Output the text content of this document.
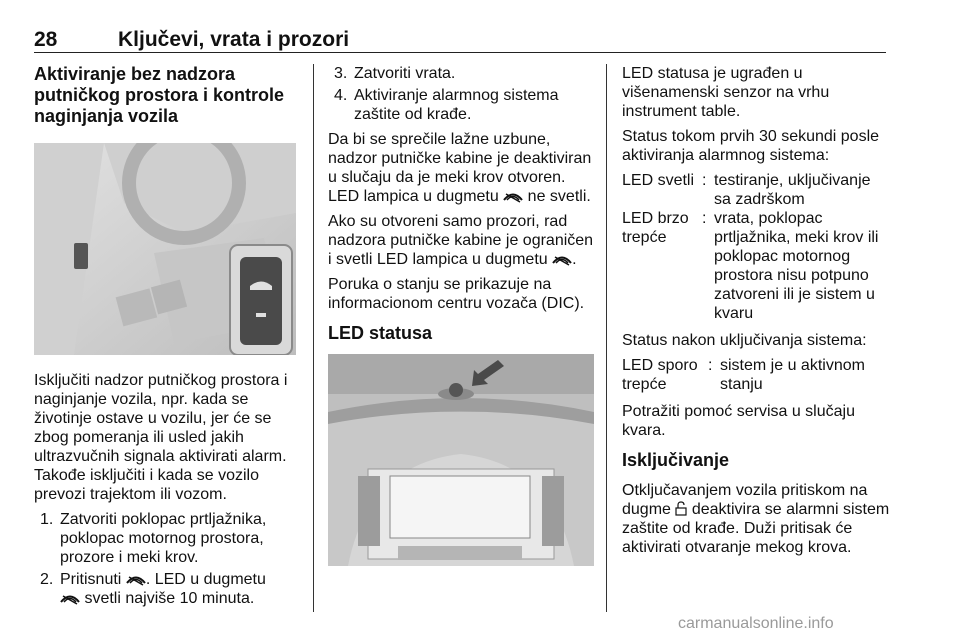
28	Ključevi, vrata i prozori
Aktiviranje bez nadzora putničkog prostora i kontrole naginjanja vozila

Isključiti nadzor putničkog prostora i naginjanje vozila, npr. kada se životinje ostave u vozilu, jer će se zbog pomeranja ili usled jakih ultrazvučnih signala aktivirati alarm. Takođe isključiti i kada se vozilo prevozi trajektom ili vozom.

1. Zatvoriti poklopac prtljažnika, poklopac motornog prostora, prozore i meki krov.
2. Pritisnuti . LED u dugmetu
svetli najviše 10 minuta.
3. Zatvoriti vrata.
4. Aktiviranje alarmnog sistema zaštite od krađe.

Da bi se sprečile lažne uzbune, nadzor putničke kabine je deaktiviran u slučaju da je meki krov otvoren.
LED lampica u dugmetu ne svetli.

Ako su otvoreni samo prozori, rad nadzora putničke kabine je ograničen i svetli LED lampica u dugmetu .

Poruka o stanju se prikazuje na informacionom centru vozača (DIC).

LED statusa

LED statusa je ugrađen u višenamenski senzor na vrhu instrument table.

Status tokom prvih 30 sekundi posle aktiviranja alarmnog sistema:

LED svetli	:	testiranje, uključivanje sa zadrškom
LED brzo trepće	:	vrata, poklopac prtljažnika, meki krov ili poklopac motornog prostora nisu potpuno zatvoreni ili je sistem u kvaru

Status nakon uključivanja sistema:

LED sporo trepće	:	sistem je u aktivnom stanju

Potražiti pomoć servisa u slučaju kvara.

Isključivanje

Otključavanjem vozila pritiskom na dugme deaktivira se alarmni sistem zaštite od krađe. Duži pritisak će aktivirati otvaranje mekog krova.

carmanualsonline.info
